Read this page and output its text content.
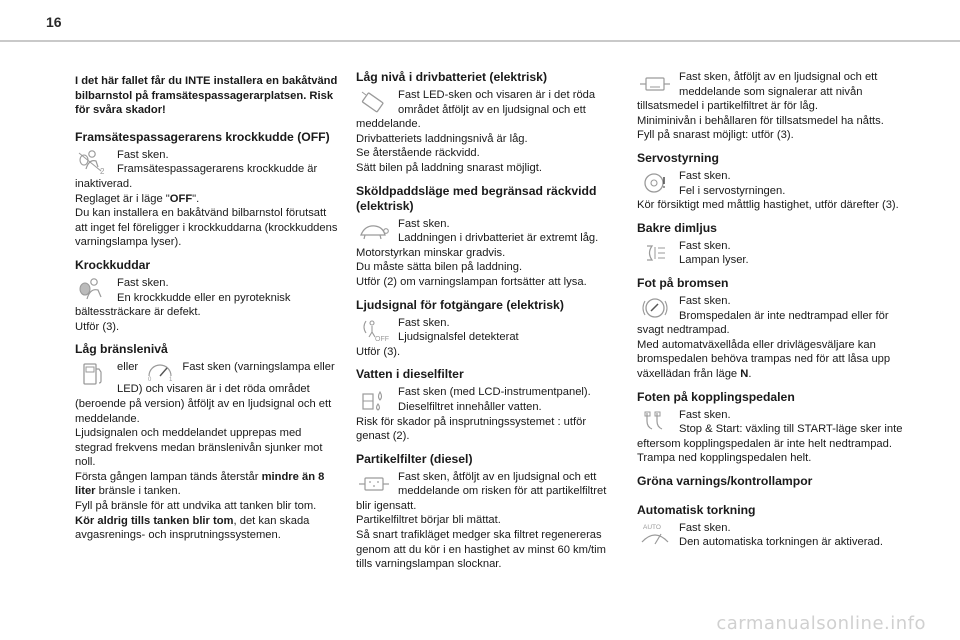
16

I det här fallet får du INTE installera en bakåtvänd bilbarnstol på framsätespassagerarplatsen. Risk för svåra skador!

Framsätespassagerarens krockkudde (OFF)
2

Fast sken.
Framsätespassagerarens krockkudde är inaktiverad.
Reglaget är i läge "OFF".
Du kan installera en bakåtvänd bilbarnstol förutsatt att inget fel föreligger i krockkuddarna (krockkuddens varningslampa lyser).

Krockkuddar

Fast sken.
En krockkudde eller en pyroteknisk bältessträckare är defekt.
Utför (3).

Låg bränslenivå

eller
0	1
Fast sken (varningslampa eller LED) och visaren är i det röda området (beroende på version) åtföljt av en ljudsignal och ett meddelande.
Ljudsignalen och meddelandet upprepas med stegrad frekvens medan bränslenivån sjunker mot noll.
Första gången lampan tänds återstår mindre än 8 liter bränsle i tanken.
Fyll på bränsle för att undvika att tanken blir tom.
Kör aldrig tills tanken blir tom, det kan skada avgasrenings- och insprutningssystemen.

Låg nivå i drivbatteriet (elektrisk)

Fast LED-sken och visaren är i det röda området åtföljt av en ljudsignal och ett meddelande.
Drivbatteriets laddningsnivå är låg.
Se återstående räckvidd.
Sätt bilen på laddning snarast möjligt.

Sköldpaddsläge med begränsad räckvidd (elektrisk)

Fast sken.
Laddningen i drivbatteriet är extremt låg.
Motorstyrkan minskar gradvis.
Du måste sätta bilen på laddning.
Utför (2) om varningslampan fortsätter att lysa.

Ljudsignal för fotgängare (elektrisk)
OFF

Fast sken.
Ljudsignalsfel detekterat
Utför (3).

Vatten i dieselfilter

Fast sken (med LCD-instrumentpanel).
Dieselfiltret innehåller vatten.
Risk för skador på insprutningssystemet : utför genast (2).

Partikelfilter (diesel)

Fast sken, åtföljt av en ljudsignal och ett meddelande om risken för att partikelfiltret blir igensatt.
Partikelfiltret börjar bli mättat.
Så snart trafikläget medger ska filtret regenereras genom att du kör i en hastighet av minst 60 km/tim tills varningslampan slocknar.

Fast sken, åtföljt av en ljudsignal och ett meddelande som signalerar att nivån tillsatsmedel i partikelfiltret är för låg.
Miniminivån i behållaren för tillsatsmedel ha nåtts.
Fyll på snarast möjligt: utför (3).

Servostyrning

Fast sken.
Fel i servostyrningen.
Kör försiktigt med måttlig hastighet, utför därefter (3).

Bakre dimljus

Fast sken.
Lampan lyser.

Fot på bromsen

Fast sken.
Bromspedalen är inte nedtrampad eller för svagt nedtrampad.
Med automatväxellåda eller drivlägesväljare kan bromspedalen behöva trampas ned för att låsa upp växellädan från läge N.

Foten på kopplingspedalen

Fast sken.
Stop & Start: växling till START-läge sker inte eftersom kopplingspedalen är inte helt nedtrampad.
Trampa ned kopplingspedalen helt.

Gröna varnings/kontrollampor
Automatisk torkning
AUTO	Fast sken.
Den automatiska torkningen är aktiverad.

carmanualsonline.info
